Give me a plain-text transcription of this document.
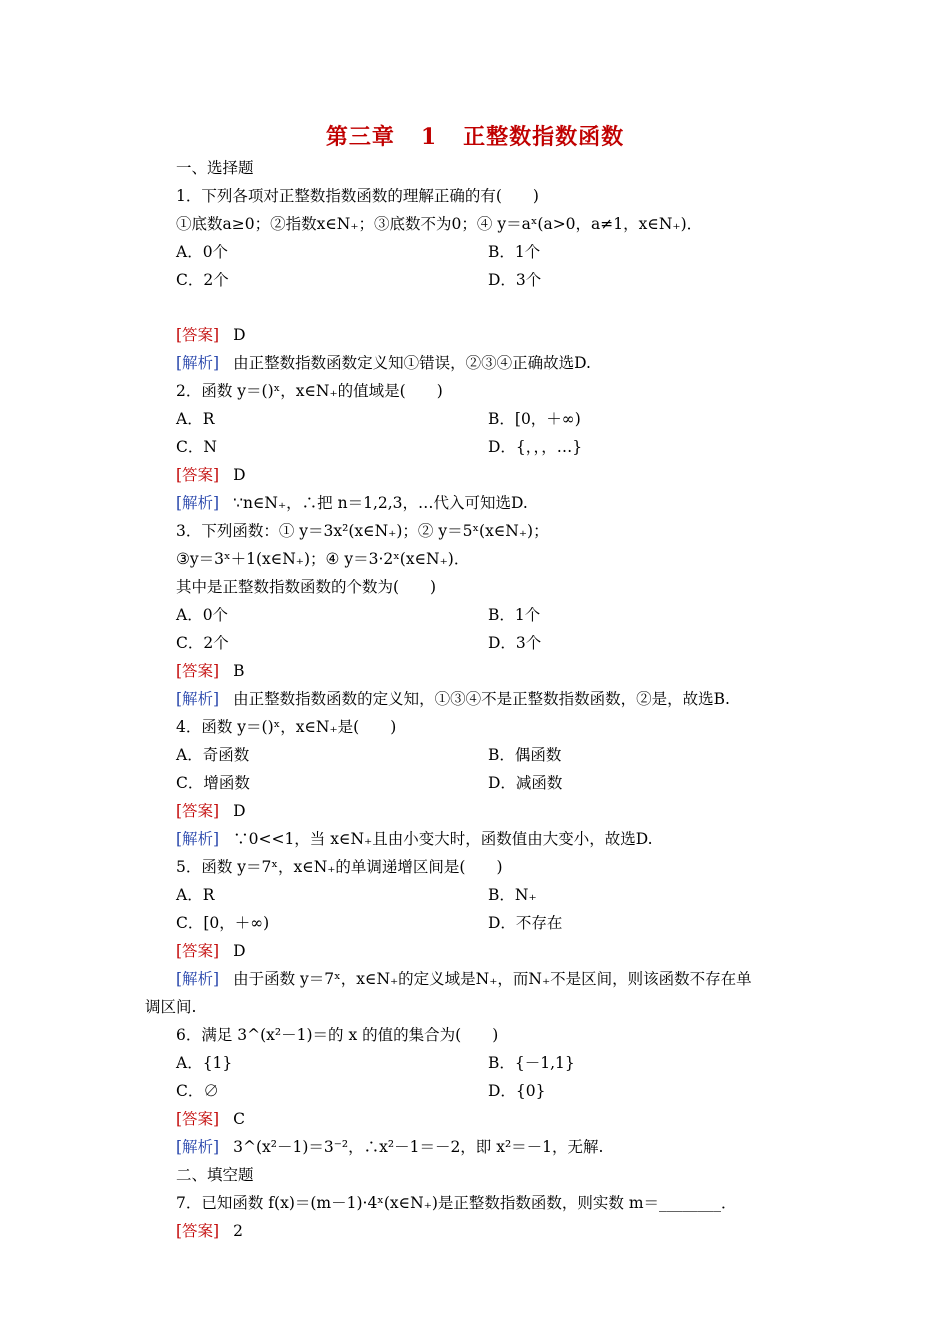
第三章 1 正整数指数函数
一、选择题
1．下列各项对正整数指数函数的理解正确的有(　　)
①底数a≥0；②指数x∈N₊；③底数不为0；④ y＝aˣ(a>0，a≠1，x∈N₊)．
A．0个	B．1个
C．2个	D．3个
[答案] D
[解析] 由正整数指数函数定义知①错误，②③④正确故选D.
2．函数 y＝()ˣ，x∈N₊的值域是(　　)
A．R	B．[0，＋∞)
C．N	D．{，，，…}
[答案] D
[解析] ∵n∈N₊，∴把 n＝1,2,3，…代入可知选D.
3．下列函数：① y＝3x²(x∈N₊)；② y＝5ˣ(x∈N₊)；
③y＝3ˣ＋1(x∈N₊)；④ y＝3·2ˣ(x∈N₊)．
其中是正整数指数函数的个数为(　　)
A．0个	B．1个
C．2个	D．3个
[答案] B
[解析] 由正整数指数函数的定义知，①③④不是正整数指数函数，②是，故选B.
4．函数 y＝()ˣ，x∈N₊是(　　)
A．奇函数	B．偶函数
C．增函数	D．减函数
[答案] D
[解析] ∵0<<1，当 x∈N₊且由小变大时，函数值由大变小，故选D.
5．函数 y＝7ˣ，x∈N₊的单调递增区间是(　　)
A．R	B．N₊
C．[0，＋∞)	D．不存在
[答案] D
[解析] 由于函数 y＝7ˣ，x∈N₊的定义域是N₊，而N₊不是区间，则该函数不存在单
调区间.
6．满足 3^(x²－1)＝的 x 的值的集合为(　　)
A．{1}	B．{－1,1}
C．∅	D．{0}
[答案] C
[解析] 3^(x²－1)＝3⁻²，∴x²－1＝－2，即 x²＝－1，无解.
二、填空题
7．已知函数 f(x)＝(m－1)·4ˣ(x∈N₊)是正整数指数函数，则实数 m＝________．
[答案] 2
